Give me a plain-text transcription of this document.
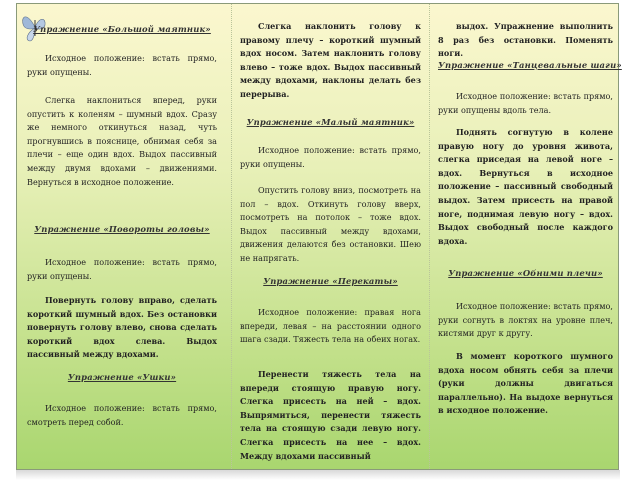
Упражнение «Большой маятник»

Исходное положение: встать прямо, руки опущены.

Слегка наклониться вперед, руки опустить к коленям – шумный вдох. Сразу же немного откинуться назад, чуть прогнувшись в пояснице, обнимая себя за плечи – еще один вдох. Выдох пассивный между двумя вдохами – движениями. Вернуться в исходное положение.

Упражнение «Повороты головы»

Исходное положение: встать прямо, руки опущены.

Повернуть голову вправо, сделать короткий шумный вдох. Без остановки повернуть голову влево, снова сделать короткий вдох слева. Выдох пассивный между вдохами.

Упражнение «Ушки»

Исходное положение: встать прямо, смотреть перед собой.

Слегка наклонить голову к правому плечу – короткий шумный вдох носом. Затем наклонить голову влево – тоже вдох. Выдох пассивный между вдохами, наклоны делать без перерыва.

Упражнение «Малый маятник»

Исходное положение: встать прямо, руки опущены.

Опустить голову вниз, посмотреть на пол – вдох. Откинуть голову вверх, посмотреть на потолок – тоже вдох. Выдох пассивный между вдохами, движения делаются без остановки. Шею не напрягать.

Упражнение «Перекаты»

Исходное положение: правая нога впереди, левая – на расстоянии одного шага сзади. Тяжесть тела на обеих ногах.

Перенести тяжесть тела на впереди стоящую правую ногу. Слегка присесть на ней – вдох. Выпрямиться, перенести тяжесть тела на стоящую сзади левую ногу. Слегка присесть на нее – вдох. Между вдохами пассивный

выдох. Упражнение выполнить 8 раз без остановки. Поменять ноги.

Упражнение «Танцевальные шаги»

Исходное положение: встать прямо, руки опущены вдоль тела.

Поднять согнутую в колене правую ногу до уровня живота, слегка приседая на левой ноге – вдох. Вернуться в исходное положение – пассивный свободный выдох. Затем присесть на правой ноге, поднимая левую ногу – вдох. Выдох свободный после каждого вдоха.

Упражнение «Обними плечи»

Исходное положение: встать прямо, руки согнуть в локтях на уровне плеч, кистями друг к другу.

В момент короткого шумного вдоха носом обнять себя за плечи (руки должны двигаться параллельно). На выдохе вернуться в исходное положение.
